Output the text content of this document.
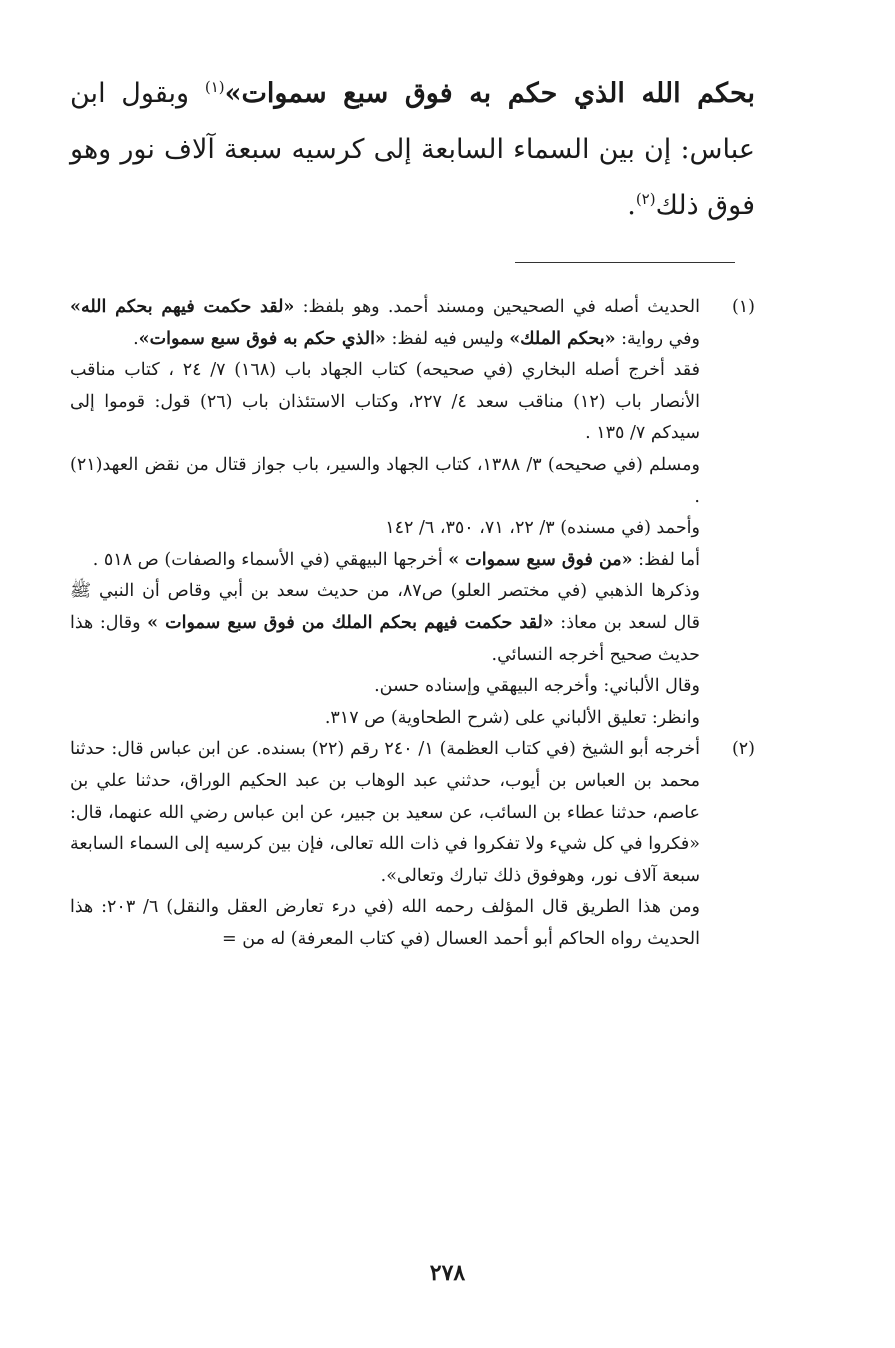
بحكم الله الذي حكم به فوق سبع سموات»$^{(١)}$ وبقول ابن عباس: إن بين السماء السابعة إلى كرسيه سبعة آلاف نور وهو فوق ذلك$^{(٢)}$.

(١)

الحديث أصله في الصحيحين ومسند أحمد. وهو بلفظ: «لقد حكمت فيهم بحكم الله» وفي رواية: «بحكم الملك» وليس فيه لفظ: «الذي حكم به فوق سبع سموات».

فقد أخرج أصله البخاري (في صحيحه) كتاب الجهاد باب (١٦٨) ٧/ ٢٤ ، كتاب مناقب الأنصار باب (١٢) مناقب سعد ٤/ ٢٢٧، وكتاب الاستئذان باب (٢٦) قول: قوموا إلى سيدكم ٧/ ١٣٥ .

ومسلم (في صحيحه) ٣/ ١٣٨٨، كتاب الجهاد والسير، باب جواز قتال من نقض العهد(٢١) .

وأحمد (في مسنده) ٣/ ٢٢، ٧١، ٣٥٠، ٦/ ١٤٢

أما لفظ: «من فوق سبع سموات » أخرجها البيهقي (في الأسماء والصفات) ص ٥١٨ .

وذكرها الذهبي (في مختصر العلو) ص٨٧، من حديث سعد بن أبي وقاص أن النبي ﷺ قال لسعد بن معاذ: «لقد حكمت فيهم بحكم الملك من فوق سبع سموات » وقال: هذا حديث صحيح أخرجه النسائي.

وقال الألباني: وأخرجه البيهقي وإسناده حسن.

وانظر: تعليق الألباني على (شرح الطحاوية) ص ٣١٧.

(٢)

أخرجه أبو الشيخ (في كتاب العظمة) ١/ ٢٤٠ رقم (٢٢) بسنده. عن ابن عباس قال: حدثنا محمد بن العباس بن أيوب، حدثني عبد الوهاب بن عبد الحكيم الوراق، حدثنا علي بن عاصم، حدثنا عطاء بن السائب، عن سعيد بن جبير، عن ابن عباس رضي الله عنهما، قال: «فكروا في كل شيء ولا تفكروا في ذات الله تعالى، فإن بين كرسيه إلى السماء السابعة سبعة آلاف نور، وهوفوق ذلك تبارك وتعالى».

ومن هذا الطريق قال المؤلف رحمه الله (في درء تعارض العقل والنقل) ٦/ ٢٠٣: هذا الحديث رواه الحاكم أبو أحمد العسال (في كتاب المعرفة) له من =

٢٧٨
